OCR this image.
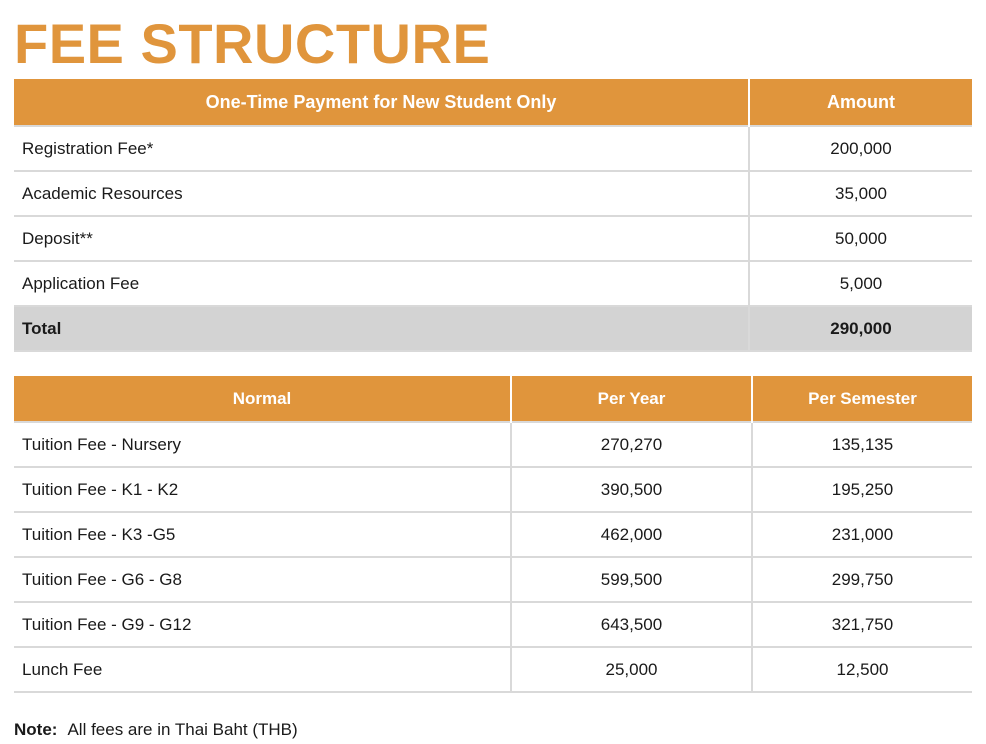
FEE STRUCTURE
One-Time Payment for New Student Only	Amount
Registration Fee*	200,000
Academic Resources	35,000
Deposit**	50,000
Application Fee	5,000
Total	290,000
Normal	Per Year	Per Semester
Tuition Fee - Nursery	270,270	135,135
Tuition Fee - K1 - K2	390,500	195,250
Tuition Fee - K3 -G5	462,000	231,000
Tuition Fee - G6 - G8	599,500	299,750
Tuition Fee - G9 - G12	643,500	321,750
Lunch Fee	25,000	12,500
Note: All fees are in Thai Baht (THB)
